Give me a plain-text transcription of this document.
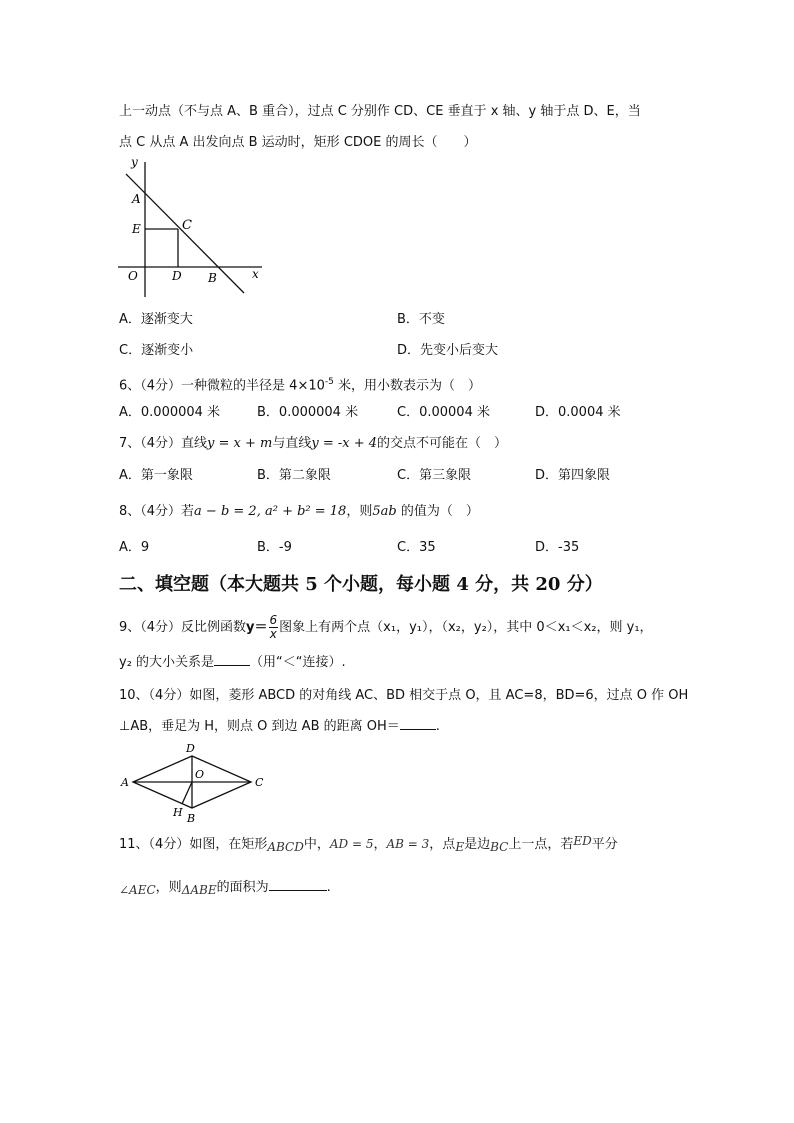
上一动点（不与点 A、B 重合），过点 C 分别作 CD、CE 垂直于 x 轴、y 轴于点 D、E，当
点 C 从点 A 出发向点 B 运动时，矩形 CDOE 的周长（　　）
y
x
A
E	C
O	D B
A．逐渐变大	B．不变
C．逐渐变小	D．先变小后变大
6、（4分）一种微粒的半径是 $4\times 10^{-5}$ 米，用小数表示为（　）
A．0.000004 米	B．0.000004 米	C．0.00004 米	D．0.0004 米
7、（4分）直线y = x + m与直线y = -x + 4的交点不可能在（　）
A．第一象限	B．第二象限	C．第三象限	D．第四象限
8、（4分）若a − b = 2, a² + b² = 18，则5ab 的值为（　）
A．9	B．-9	C．35	D．-35
二、填空题（本大题共 5 个小题，每小题 4 分，共 20 分）
9、（4分）反比例函数$y= \frac{6}{x}$ 图象上有两个点（x₁，y₁），（x₂，y₂），其中 0＜x₁＜x₂，则 y₁，
y₂ 的大小关系是	（用“＜“连接）.
10、（4分）如图，菱形 ABCD 的对角线 AC、BD 相交于点 O，且 AC=8，BD=6，过点 O 作 OH
⊥AB，垂足为 H，则点 O 到边 AB 的距离 OH＝	.
D
A	C
O
H B
11、（4分）如图，在矩形ABCD中，AD = 5，AB = 3，点E是边BC上一点，若ED平分
∠AEC，则ΔABE的面积为	.
